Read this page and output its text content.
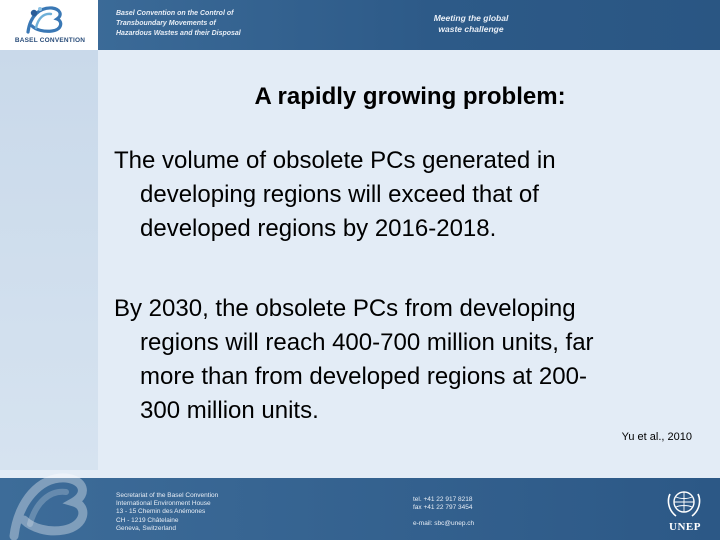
BASEL CONVENTION
Basel Convention on the Control of
Transboundary Movements of
Hazardous Wastes and their Disposal
Meeting the global
waste challenge
A rapidly growing problem:
The volume of obsolete PCs generated in
developing regions will exceed that of
developed regions by 2016-2018.
By 2030, the obsolete PCs from developing
regions will reach 400-700 million units, far
more than from developed regions at 200-
300 million units.
Yu et al., 2010
Secretariat of the Basel Convention
International Environment House
13 - 15 Chemin des Anémones
CH - 1219 Châtelaine
Geneva, Switzerland
tel. +41 22 917 8218
fax +41 22 797 3454
e-mail: sbc@unep.ch	UNEP
